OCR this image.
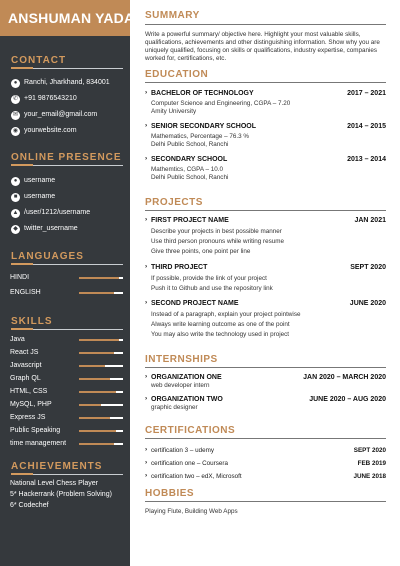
ANSHUMAN YADAV
CONTACT
● Ranchi, Jharkhand, 834001
✆ +91 9876543210
✉ your_email@gmail.com
◉ yourwebsite.com
ONLINE PRESENCE
● username
■ username
▲ /user/1212/username
◆ twitter_username
LANGUAGES
HINDI
ENGLISH
SKILLS
Java
React JS
Javascript
Graph QL
HTML, CSS
MySQL, PHP
Express JS
Public Speaking
time management
ACHIEVEMENTS
National Level Chess Player
5* Hackerrank (Problem Solving)
6* Codechef
SUMMARY
Write a powerful summary/ objective here. Highlight your most valuable skills, qualifications, achievements and other distinguishing information. Show why you are uniquely qualified, focusing on skills or qualifications, industry expertise, companies worked for, certifications, etc.
EDUCATION
› BACHELOR OF TECHNOLOGY	2017 – 2021
Computer Science and Engineering, CGPA – 7.20
Amity University
› SENIOR SECONDARY SCHOOL	2014 – 2015
Mathematics, Percentage – 76.3 %
Delhi Public School, Ranchi
› SECONDARY SCHOOL	2013 – 2014
Mathemtics, CGPA – 10.0
Delhi Public School, Ranchi
PROJECTS
› FIRST PROJECT NAME	JAN 2021
Describe your projects in best possible manner
Use third person pronouns while writing resume
Give three points, one point per line
› THIRD PROJECT	SEPT 2020
If possible, provide the link of your project
Push it to Github and use the repository link
› SECOND PROJECT NAME	JUNE 2020
Instead of a paragraph, explain your project pointwise
Always write learning outcome as one of the point
You may also write the technology used in project
INTERNSHIPS
› ORGANIZATION ONE	JAN 2020 – MARCH 2020
web developer intern
› ORGANIZATION TWO	JUNE 2020 – AUG 2020
graphic designer
CERTIFICATIONS
› certification 3 – udemy	SEPT 2020
› certification one – Coursera	FEB 2019
› certification two – edX, Microsoft	JUNE 2018
HOBBIES
Playing Flute, Building Web Apps
